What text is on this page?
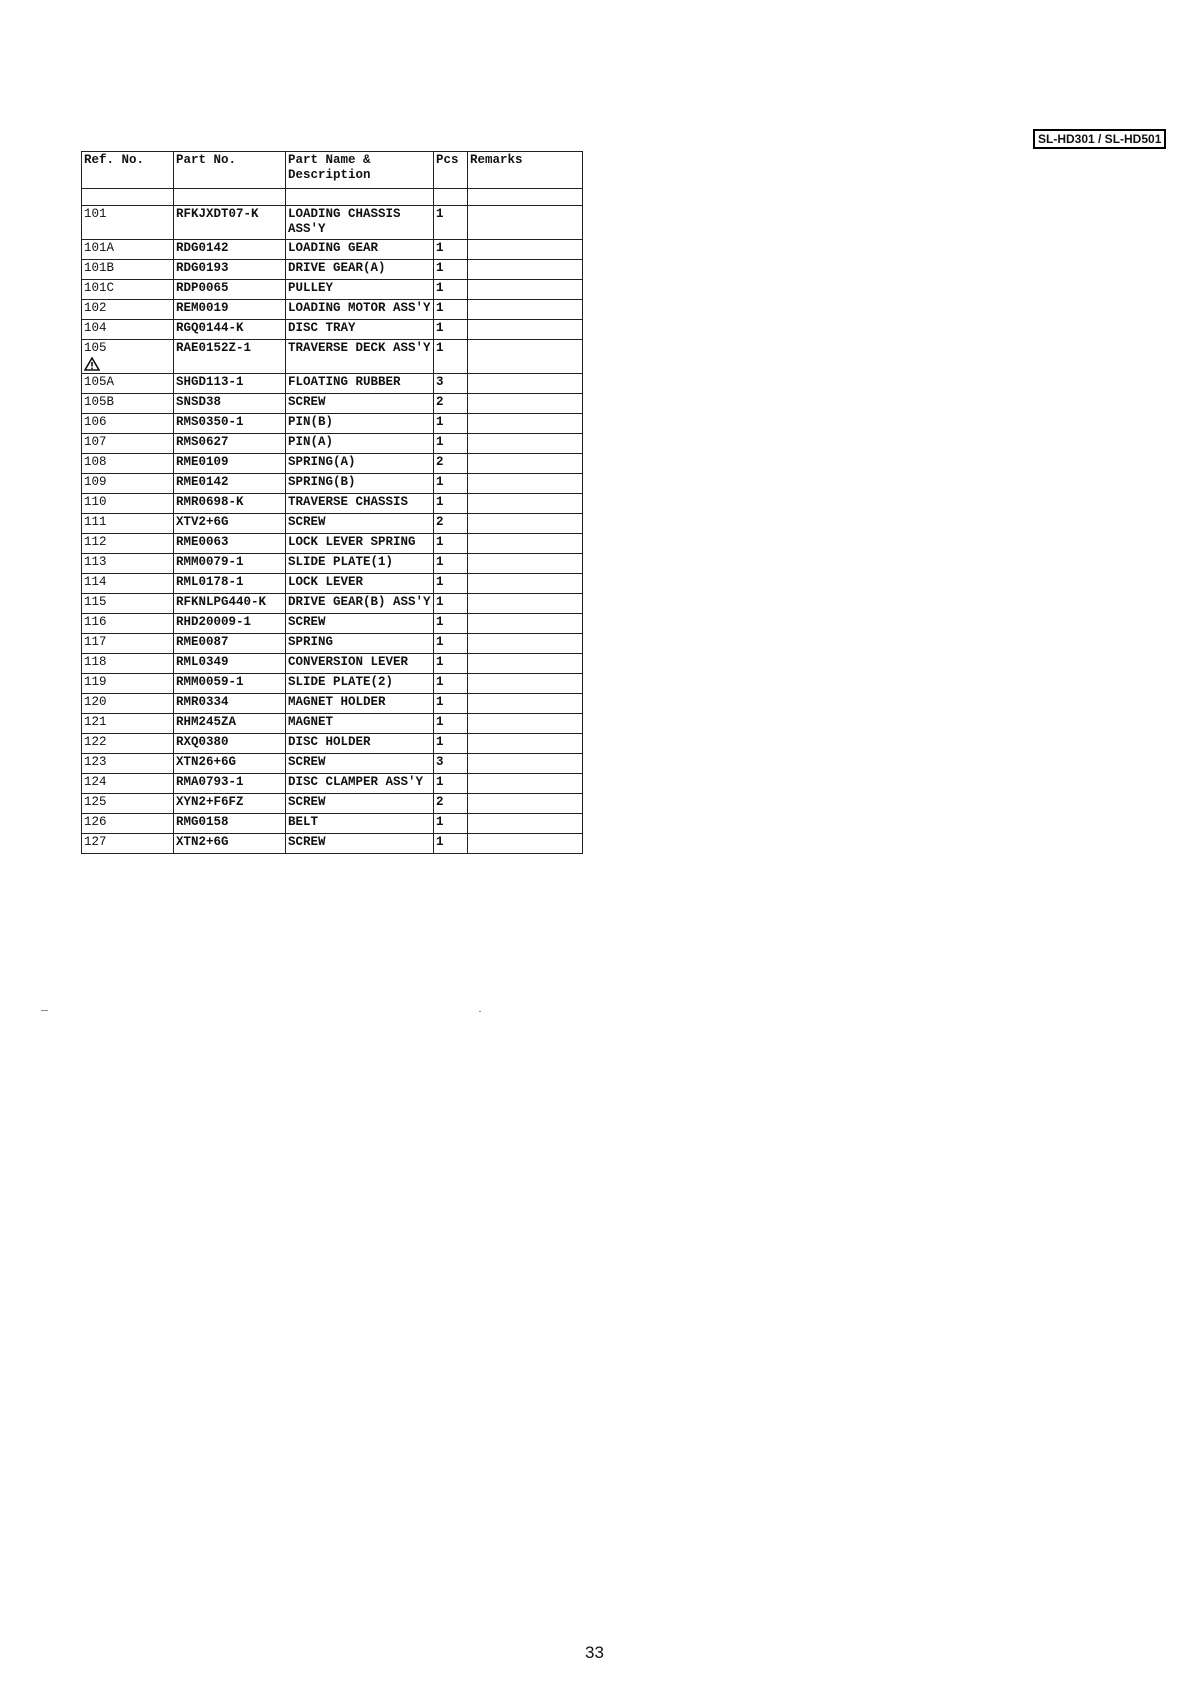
SL-HD301 / SL-HD501
Ref. No.	Part No.	Part Name & Description	Pcs	Remarks

101	RFKJXDT07-K	LOADING CHASSIS ASS'Y	1	
101A	RDG0142	LOADING GEAR	1	
101B	RDG0193	DRIVE GEAR(A)	1	
101C	RDP0065	PULLEY	1	
102	REM0019	LOADING MOTOR ASS'Y	1	
104	RGQ0144-K	DISC TRAY	1	
105	RAE0152Z-1	TRAVERSE DECK ASS'Y	1	
105A	SHGD113-1	FLOATING RUBBER	3	
105B	SNSD38	SCREW	2	
106	RMS0350-1	PIN(B)	1	
107	RMS0627	PIN(A)	1	
108	RME0109	SPRING(A)	2	
109	RME0142	SPRING(B)	1	
110	RMR0698-K	TRAVERSE CHASSIS	1	
111	XTV2+6G	SCREW	2	
112	RME0063	LOCK LEVER SPRING	1	
113	RMM0079-1	SLIDE PLATE(1)	1	
114	RML0178-1	LOCK LEVER	1	
115	RFKNLPG440-K	DRIVE GEAR(B) ASS'Y	1	
116	RHD20009-1	SCREW	1	
117	RME0087	SPRING	1	
118	RML0349	CONVERSION LEVER	1	
119	RMM0059-1	SLIDE PLATE(2)	1	
120	RMR0334	MAGNET HOLDER	1	
121	RHM245ZA	MAGNET	1	
122	RXQ0380	DISC HOLDER	1	
123	XTN26+6G	SCREW	3	
124	RMA0793-1	DISC CLAMPER ASS'Y	1	
125	XYN2+F6FZ	SCREW	2	
126	RMG0158	BELT	1	
127	XTN2+6G	SCREW	1	
33
